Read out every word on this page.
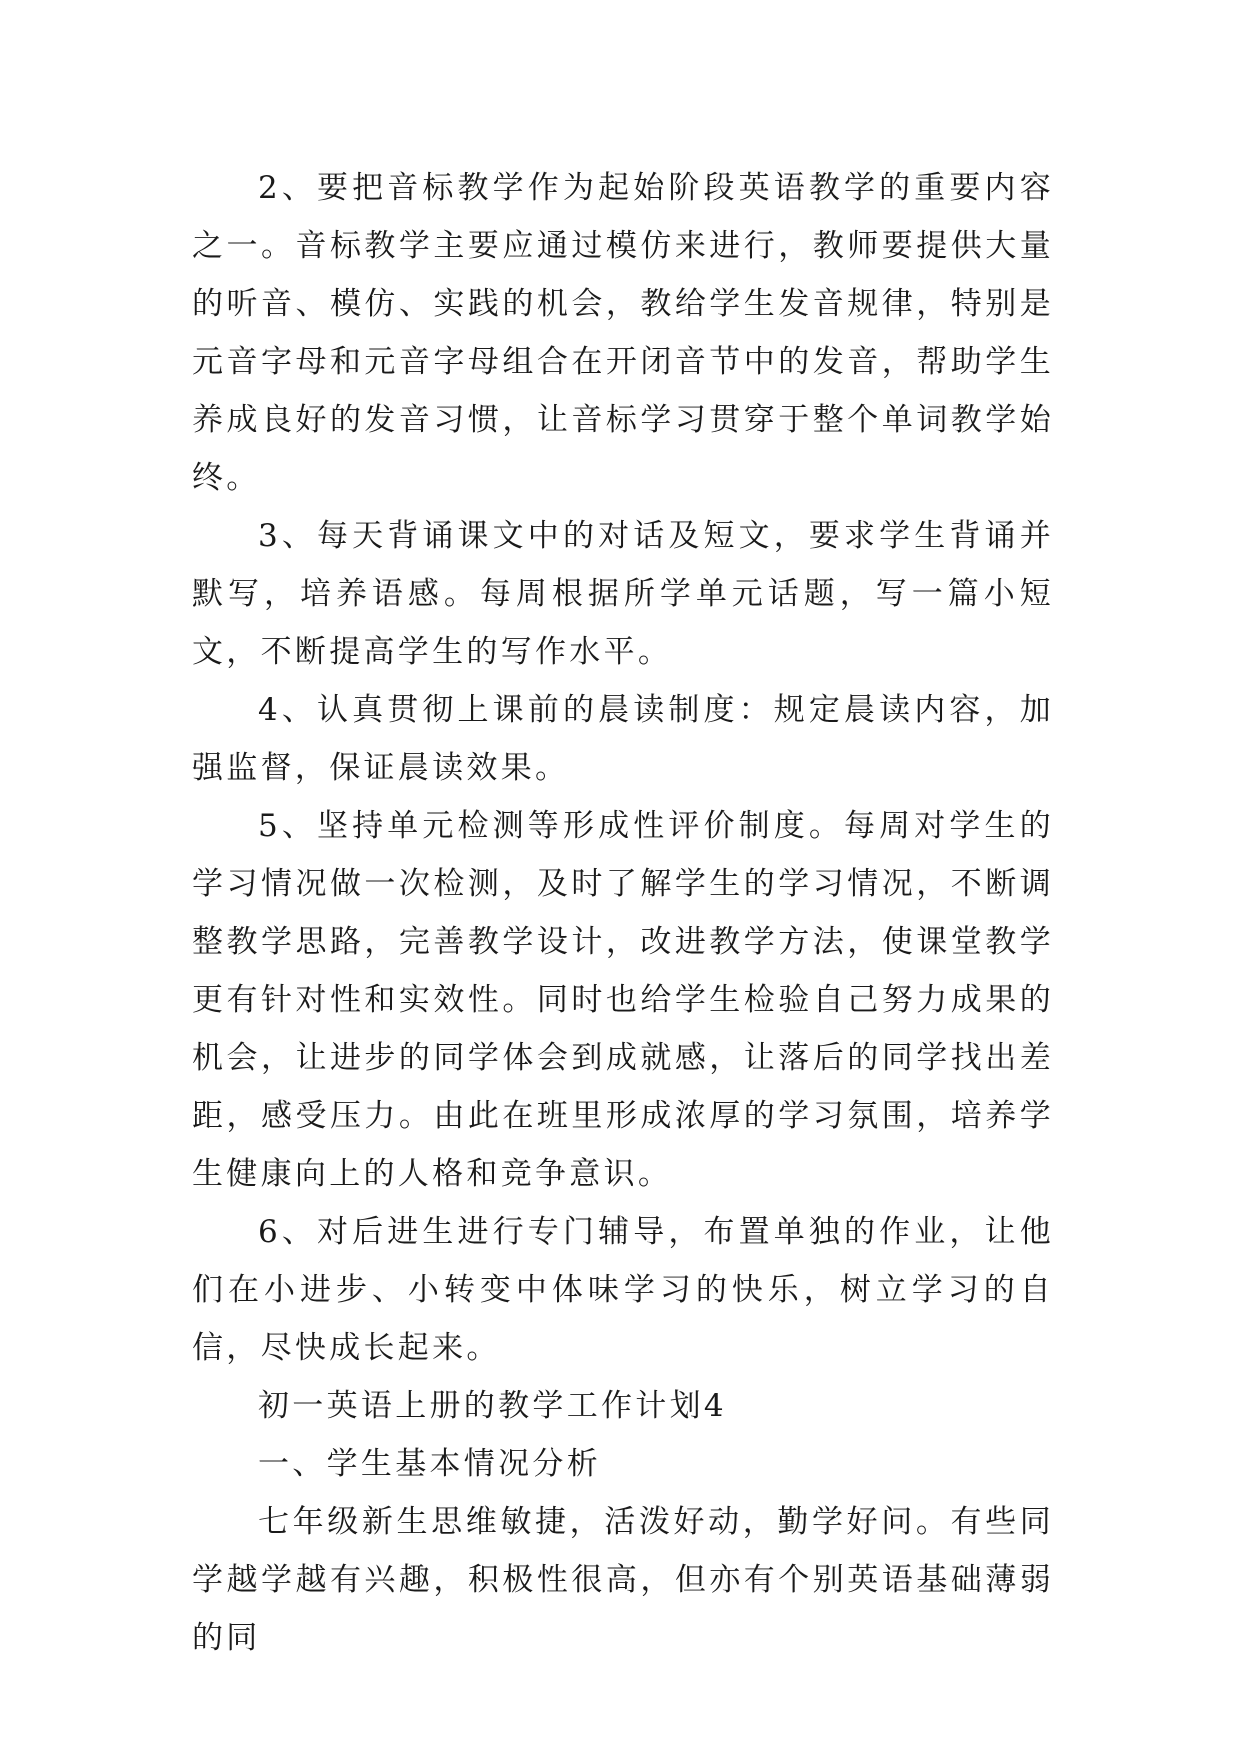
2、要把音标教学作为起始阶段英语教学的重要内容之一。音标教学主要应通过模仿来进行，教师要提供大量的听音、模仿、实践的机会，教给学生发音规律，特别是元音字母和元音字母组合在开闭音节中的发音，帮助学生养成良好的发音习惯，让音标学习贯穿于整个单词教学始终。

3、每天背诵课文中的对话及短文，要求学生背诵并默写，培养语感。每周根据所学单元话题，写一篇小短文，不断提高学生的写作水平。

4、认真贯彻上课前的晨读制度：规定晨读内容，加强监督，保证晨读效果。

5、坚持单元检测等形成性评价制度。每周对学生的学习情况做一次检测，及时了解学生的学习情况，不断调整教学思路，完善教学设计，改进教学方法，使课堂教学更有针对性和实效性。同时也给学生检验自己努力成果的机会，让进步的同学体会到成就感，让落后的同学找出差距，感受压力。由此在班里形成浓厚的学习氛围，培养学生健康向上的人格和竞争意识。

6、对后进生进行专门辅导，布置单独的作业，让他们在小进步、小转变中体味学习的快乐，树立学习的自信，尽快成长起来。

初一英语上册的教学工作计划4

一、学生基本情况分析

七年级新生思维敏捷，活泼好动，勤学好问。有些同学越学越有兴趣，积极性很高，但亦有个别英语基础薄弱的同
